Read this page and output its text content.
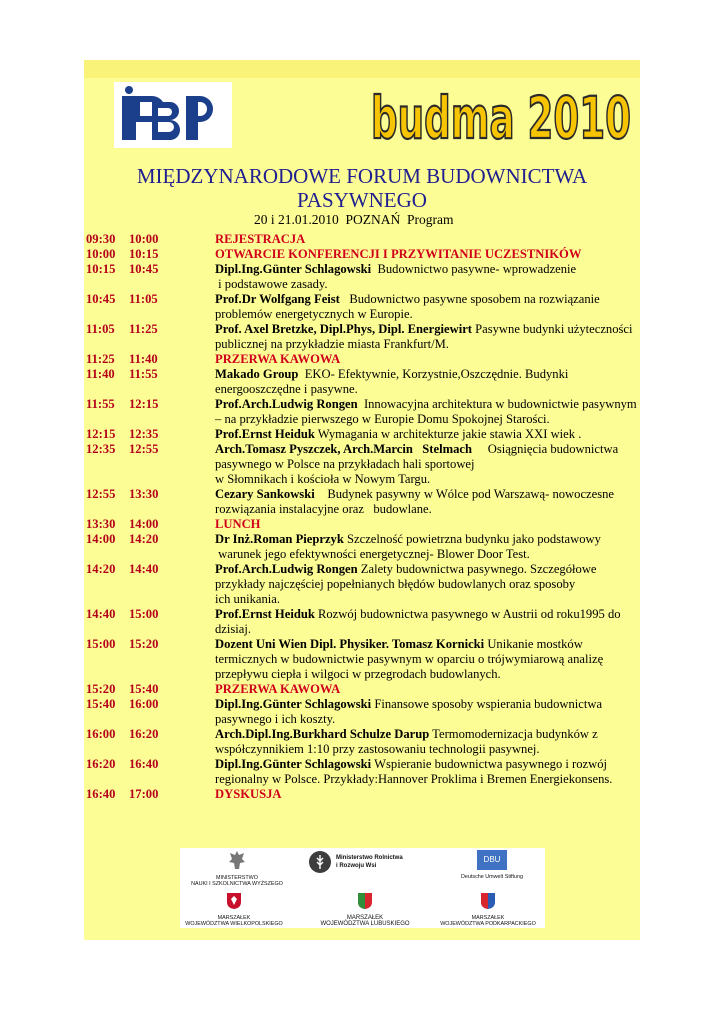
budma 2010
MIĘDZYNARODOWE FORUM BUDOWNICTWA
PASYWNEGO
20 i 21.01.2010 POZNAŃ Program
09:30 10:00	REJESTRACJA
10:00 10:15	OTWARCIE KONFERENCJI I PRZYWITANIE UCZESTNIKÓW
10:15 10:45	Dipl.Ing.Günter Schlagowski  Budownictwo pasywne- wprowadzenie
i podstawowe zasady.
10:45 11:05	Prof.Dr Wolfgang Feist   Budownictwo pasywne sposobem na rozwiązanie problemów energetycznych w Europie.
11:05 11:25	Prof. Axel Bretzke, Dipl.Phys, Dipl. Energiewirt Pasywne budynki użyteczności publicznej na przykładzie miasta Frankfurt/M.
11:25 11:40	PRZERWA KAWOWA
11:40 11:55	Makado Group  EKO- Efektywnie, Korzystnie,Oszczędnie. Budynki energooszczędne i pasywne.
11:55 12:15	Prof.Arch.Ludwig Rongen  Innowacyjna architektura w budownictwie pasywnym – na przykładzie pierwszego w Europie Domu Spokojnej Starości.
12:15 12:35	Prof.Ernst Heiduk Wymagania w architekturze jakie stawia XXI wiek .
12:35 12:55	Arch.Tomasz Pyszczek, Arch.Marcin   Stelmach     Osiągnięcia budownictwa pasywnego w Polsce na przykładach hali sportowej
w Słomnikach i kościoła w Nowym Targu.
12:55 13:30	Cezary Sankowski    Budynek pasywny w Wólce pod Warszawą- nowoczesne rozwiązania instalacyjne oraz   budowlane.
13:30 14:00	LUNCH
14:00 14:20	Dr Inż.Roman Pieprzyk Szczelność powietrzna budynku jako podstawowy
warunek jego efektywności energetycznej- Blower Door Test.
14:20 14:40	Prof.Arch.Ludwig Rongen Zalety budownictwa pasywnego. Szczegółowe przykłady najczęściej popełnianych błędów budowlanych oraz sposoby
ich unikania.
14:40 15:00	Prof.Ernst Heiduk Rozwój budownictwa pasywnego w Austrii od roku1995 do dzisiaj.
15:00 15:20	Dozent Uni Wien Dipl. Physiker. Tomasz Kornicki Unikanie mostków termicznych w budownictwie pasywnym w oparciu o trójwymiarową analizę przepływu ciepła i wilgoci w przegrodach budowlanych.
15:20 15:40	PRZERWA KAWOWA
15:40 16:00	Dipl.Ing.Günter Schlagowski Finansowe sposoby wspierania budownictwa pasywnego i ich koszty.
16:00 16:20	Arch.Dipl.Ing.Burkhard Schulze Darup Termomodernizacja budynków z współczynnikiem 1:10 przy zastosowaniu technologii pasywnej.
16:20 16:40	Dipl.Ing.Günter Schlagowski Wspieranie budownictwa pasywnego i rozwój regionalny w Polsce. Przykłady:Hannover Proklima i Bremen Energiekonsens.
16:40 17:00	DYSKUSJA
MINISTERSTWO
NAUKI I SZKOLNICTWA WYŻSZEGO
Ministerstwo Rolnictwa
i Rozwoju Wsi
DBU
Deutsche Umwelt Stiftung
MARSZAŁEK
WOJEWÓDZTWA WIELKOPOLSKIEGO
MARSZAŁEK
WOJEWÓDZTWA LUBUSKIEGO
MARSZAŁEK
WOJEWÓDZTWA PODKARPACKIEGO
